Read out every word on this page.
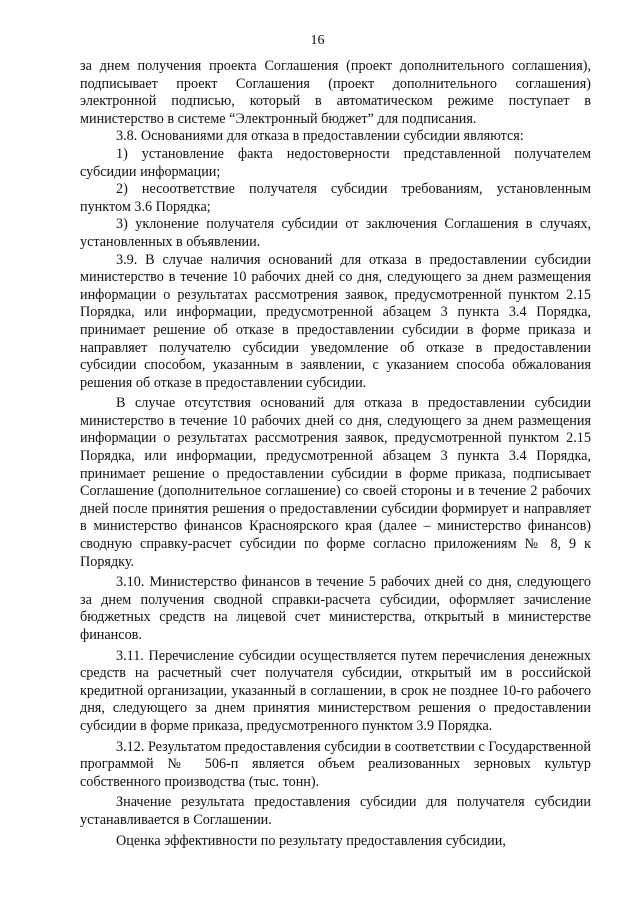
16

за днем получения проекта Соглашения (проект дополнительного соглашения), подписывает проект Соглашения (проект дополнительного соглашения) электронной подписью, который в автоматическом режиме поступает в министерство в системе “Электронный бюджет” для подписания.

3.8. Основаниями для отказа в предоставлении субсидии являются:

1) установление факта недостоверности представленной получателем субсидии информации;

2) несоответствие получателя субсидии требованиям, установленным пунктом 3.6 Порядка;

3) уклонение получателя субсидии от заключения Соглашения в случаях, установленных в объявлении.

3.9. В случае наличия оснований для отказа в предоставлении субсидии министерство в течение 10 рабочих дней со дня, следующего за днем размещения информации о результатах рассмотрения заявок, предусмотренной пунктом 2.15 Порядка, или информации, предусмотренной абзацем 3 пункта 3.4 Порядка, принимает решение об отказе в предоставлении субсидии в форме приказа и направляет получателю субсидии уведомление об отказе в предоставлении субсидии способом, указанным в заявлении, с указанием способа обжалования решения об отказе в предоставлении субсидии.

В случае отсутствия оснований для отказа в предоставлении субсидии министерство в течение 10 рабочих дней со дня, следующего за днем размещения информации о результатах рассмотрения заявок, предусмотренной пунктом 2.15 Порядка, или информации, предусмотренной абзацем 3 пункта 3.4 Порядка, принимает решение о предоставлении субсидии в форме приказа, подписывает Соглашение (дополнительное соглашение) со своей стороны и в течение 2 рабочих дней после принятия решения о предоставлении субсидии формирует и направляет в министерство финансов Красноярского края (далее – министерство финансов) сводную справку-расчет субсидии по форме согласно приложениям № 8, 9 к Порядку.

3.10. Министерство финансов в течение 5 рабочих дней со дня, следующего за днем получения сводной справки-расчета субсидии, оформляет зачисление бюджетных средств на лицевой счет министерства, открытый в министерстве финансов.

3.11. Перечисление субсидии осуществляется путем перечисления денежных средств на расчетный счет получателя субсидии, открытый им в российской кредитной организации, указанный в соглашении, в срок не позднее 10-го рабочего дня, следующего за днем принятия министерством решения о предоставлении субсидии в форме приказа, предусмотренного пунктом 3.9 Порядка.

3.12. Результатом предоставления субсидии в соответствии с Государственной программой № 506-п является объем реализованных зерновых культур собственного производства (тыс. тонн).

Значение результата предоставления субсидии для получателя субсидии устанавливается в Соглашении.

Оценка эффективности по результату предоставления субсидии,
